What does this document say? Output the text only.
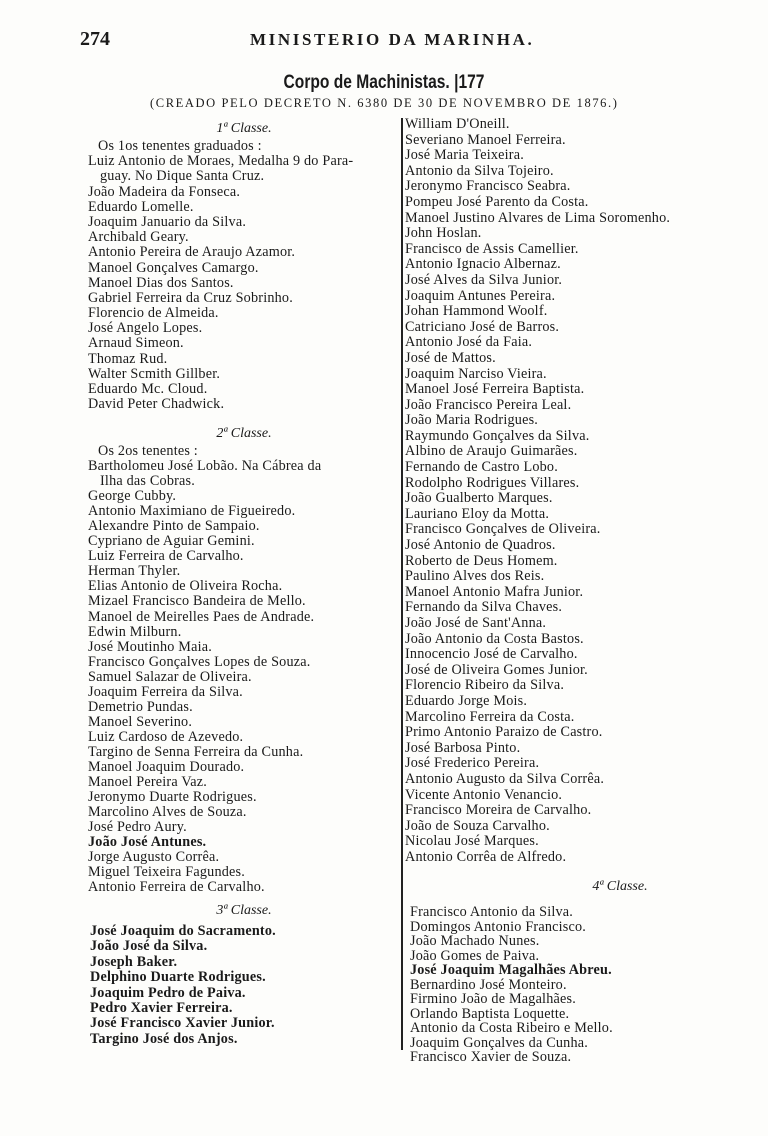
274	MINISTERIO DA MARINHA.
Corpo de Machinistas. |177
(CREADO PELO DECRETO N. 6380 DE 30 DE NOVEMBRO DE 1876.)
1ª Classe.
Os 1os tenentes graduados :
Luiz Antonio de Moraes, Medalha 9 do Para-
guay. No Dique Santa Cruz.
João Madeira da Fonseca.
Eduardo Lomelle.
Joaquim Januario da Silva.
Archibald Geary.
Antonio Pereira de Araujo Azamor.
Manoel Gonçalves Camargo.
Manoel Dias dos Santos.
Gabriel Ferreira da Cruz Sobrinho.
Florencio de Almeida.
José Angelo Lopes.
Arnaud Simeon.
Thomaz Rud.
Walter Scmith Gillber.
Eduardo Mc. Cloud.
David Peter Chadwick.
2ª Classe.
Os 2os tenentes :
Bartholomeu José Lobão. Na Cábrea da
Ilha das Cobras.
George Cubby.
Antonio Maximiano de Figueiredo.
Alexandre Pinto de Sampaio.
Cypriano de Aguiar Gemini.
Luiz Ferreira de Carvalho.
Herman Thyler.
Elias Antonio de Oliveira Rocha.
Mizael Francisco Bandeira de Mello.
Manoel de Meirelles Paes de Andrade.
Edwin Milburn.
José Moutinho Maia.
Francisco Gonçalves Lopes de Souza.
Samuel Salazar de Oliveira.
Joaquim Ferreira da Silva.
Demetrio Pundas.
Manoel Severino.
Luiz Cardoso de Azevedo.
Targino de Senna Ferreira da Cunha.
Manoel Joaquim Dourado.
Manoel Pereira Vaz.
Jeronymo Duarte Rodrigues.
Marcolino Alves de Souza.
José Pedro Aury.
João José Antunes.
Jorge Augusto Corrêa.
Miguel Teixeira Fagundes.
Antonio Ferreira de Carvalho.
3ª Classe.
José Joaquim do Sacramento.
João José da Silva.
Joseph Baker.
Delphino Duarte Rodrigues.
Joaquim Pedro de Paiva.
Pedro Xavier Ferreira.
José Francisco Xavier Junior.
Targino José dos Anjos.
William D'Oneill.
Severiano Manoel Ferreira.
José Maria Teixeira.
Antonio da Silva Tojeiro.
Jeronymo Francisco Seabra.
Pompeu José Parento da Costa.
Manoel Justino Alvares de Lima Soromenho.
John Hoslan.
Francisco de Assis Camellier.
Antonio Ignacio Albernaz.
José Alves da Silva Junior.
Joaquim Antunes Pereira.
Johan Hammond Woolf.
Catriciano José de Barros.
Antonio José da Faia.
José de Mattos.
Joaquim Narciso Vieira.
Manoel José Ferreira Baptista.
João Francisco Pereira Leal.
João Maria Rodrigues.
Raymundo Gonçalves da Silva.
Albino de Araujo Guimarães.
Fernando de Castro Lobo.
Rodolpho Rodrigues Villares.
João Gualberto Marques.
Lauriano Eloy da Motta.
Francisco Gonçalves de Oliveira.
José Antonio de Quadros.
Roberto de Deus Homem.
Paulino Alves dos Reis.
Manoel Antonio Mafra Junior.
Fernando da Silva Chaves.
João José de Sant'Anna.
João Antonio da Costa Bastos.
Innocencio José de Carvalho.
José de Oliveira Gomes Junior.
Florencio Ribeiro da Silva.
Eduardo Jorge Mois.
Marcolino Ferreira da Costa.
Primo Antonio Paraizo de Castro.
José Barbosa Pinto.
José Frederico Pereira.
Antonio Augusto da Silva Corrêa.
Vicente Antonio Venancio.
Francisco Moreira de Carvalho.
João de Souza Carvalho.
Nicolau José Marques.
Antonio Corrêa de Alfredo.
4ª Classe.
Francisco Antonio da Silva.
Domingos Antonio Francisco.
João Machado Nunes.
João Gomes de Paiva.
José Joaquim Magalhães Abreu.
Bernardino José Monteiro.
Firmino João de Magalhães.
Orlando Baptista Loquette.
Antonio da Costa Ribeiro e Mello.
Joaquim Gonçalves da Cunha.
Francisco Xavier de Souza.
